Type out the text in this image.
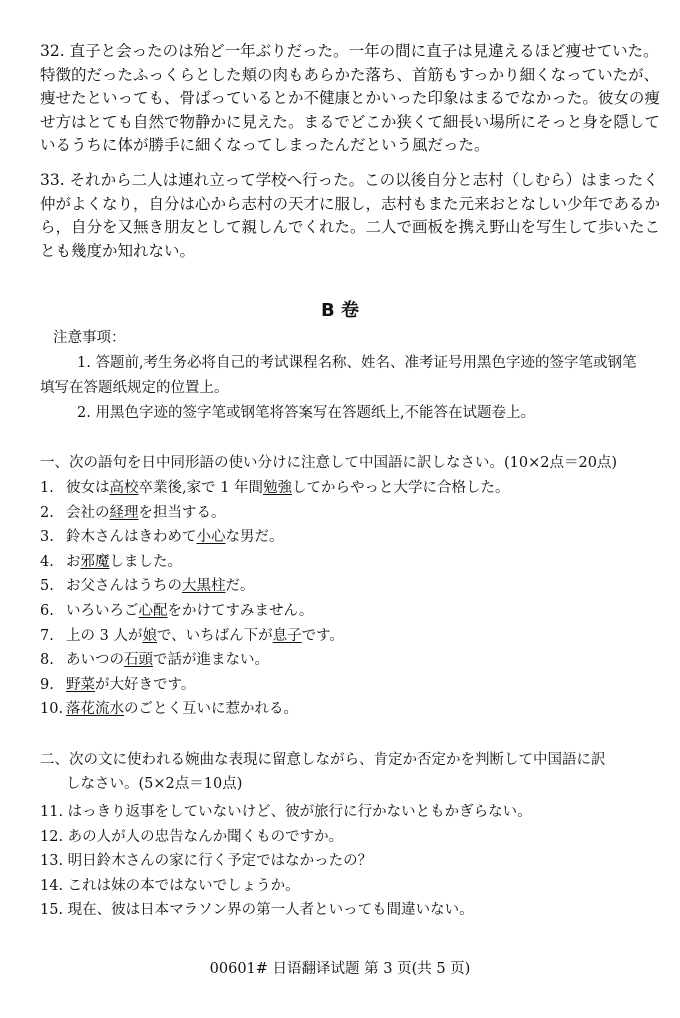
32. 直子と会ったのは殆ど一年ぶりだった。一年の間に直子は見違えるほど痩せていた。
特徴的だったふっくらとした頬の肉もあらかた落ち、首筋もすっかり細くなっていたが、
痩せたといっても、骨ばっているとか不健康とかいった印象はまるでなかった。彼女の痩
せ方はとても自然で物静かに見えた。まるでどこか狭くて細長い場所にそっと身を隠して
いるうちに体が勝手に細くなってしまったんだという風だった。
33. それから二人は連れ立って学校へ行った。この以後自分と志村（しむら）はまったく
仲がよくなり，自分は心から志村の天才に服し，志村もまた元来おとなしい少年であるか
ら，自分を又無き朋友として親しんでくれた。二人で画板を携え野山を写生して歩いたこ
とも幾度か知れない。
B 卷
注意事项：
1. 答题前,考生务必将自己的考试课程名称、姓名、准考证号用黑色字迹的签字笔或钢笔
填写在答题纸规定的位置上。
2. 用黑色字迹的签字笔或钢笔将答案写在答题纸上,不能答在试题卷上。
一、次の語句を日中同形語の使い分けに注意して中国語に訳しなさい。(10×2点＝20点)
1. 彼女は高校卒業後,家で 1 年間勉強してからやっと大学に合格した。
2. 会社の経理を担当する。
3. 鈴木さんはきわめて小心な男だ。
4. お邪魔しました。
5. お父さんはうちの大黒柱だ。
6. いろいろご心配をかけてすみません。
7. 上の 3 人が娘で、いちばん下が息子です。
8. あいつの石頭で話が進まない。
9. 野菜が大好きです。
10. 落花流水のごとく互いに惹かれる。
二、次の文に使われる婉曲な表現に留意しながら、肯定か否定かを判断して中国語に訳
しなさい。(5×2点＝10点)
11. はっきり返事をしていないけど、彼が旅行に行かないともかぎらない。
12. あの人が人の忠告なんか聞くものですか。
13. 明日鈴木さんの家に行く予定ではなかったの？
14. これは妹の本ではないでしょうか。
15. 現在、彼は日本マラソン界の第一人者といっても間違いない。
00601# 日语翻译试题 第 3 页(共 5 页)
